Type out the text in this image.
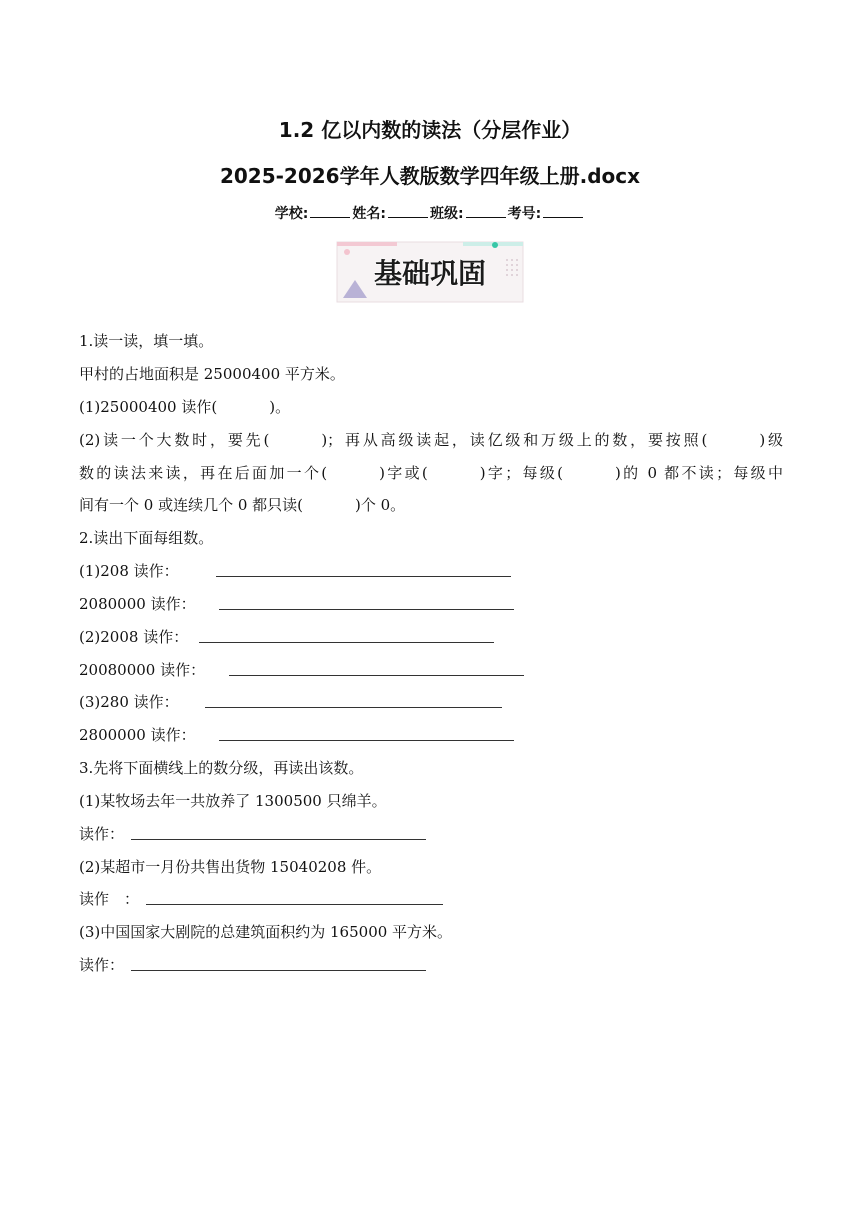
1.2 亿以内数的读法（分层作业）
2025-2026学年人教版数学四年级上册.docx
学校:	姓名:	班级:	考号:
基础巩固
1.读一读，填一填。
甲村的占地面积是 25000400 平方米。
(1)25000400 读作(	)。
(2)读一个大数时，要先(	)；再从高级读起，读亿级和万级上的数，要按照(	)级
数的读法来读，再在后面加一个(	)字或(	)字；每级(	)的 0 都不读；每级中
间有一个 0 或连续几个 0 都只读(	)个 0。
2.读出下面每组数。
(1)208 读作：
2080000 读作：
(2)2008 读作：
20080000 读作：
(3)280 读作：
2800000 读作：
3.先将下面横线上的数分级，再读出该数。
(1)某牧场去年一共放养了 1300500 只绵羊。
读作：
(2)某超市一月份共售出货物 15040208 件。
读作　：
(3)中国国家大剧院的总建筑面积约为 165000 平方米。
读作：
